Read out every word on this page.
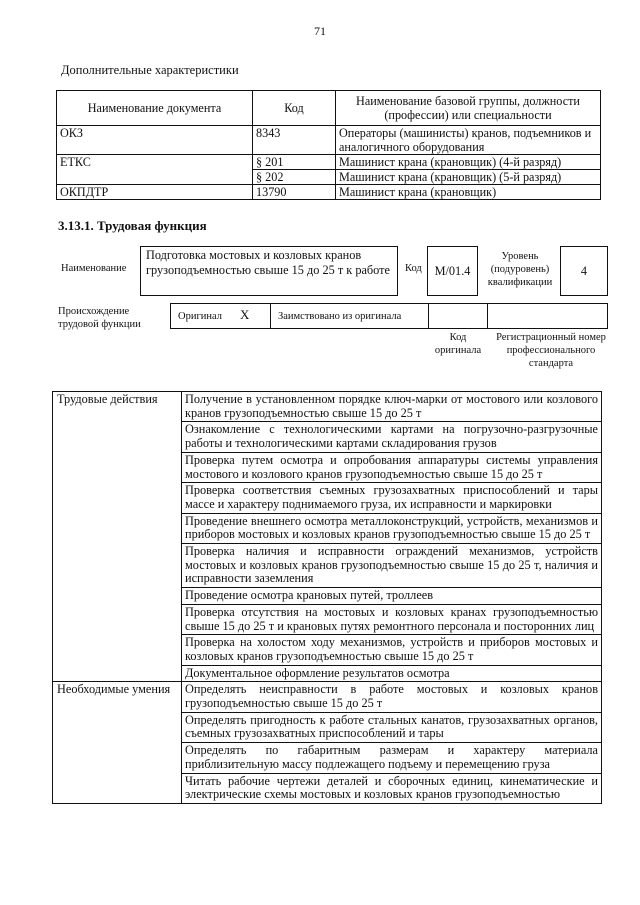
71
Дополнительные характеристики
Наименование документа	Код	Наименование базовой группы, должности (профессии) или специальности
ОКЗ	8343	Операторы (машинисты) кранов, подъемников и аналогичного оборудования
ЕТКС	§ 201	Машинист крана (крановщик) (4-й разряд)
	§ 202	Машинист крана (крановщик) (5-й разряд)
ОКПДТР	13790	Машинист крана (крановщик)
3.13.1. Трудовая функция
Наименование
Подготовка мостовых и козловых кранов грузоподъемностью свыше 15 до 25 т к работе	Код	M/01.4
Уровень (подуровень) квалификации
4
Происхождение трудовой функции
Оригинал X	Заимствовано из оригинала
Код оригинала
Регистрационный номер профессионального стандарта
Трудовые действия	Получение в установленном порядке ключ-марки от мостового или козлового кранов грузоподъемностью свыше 15 до 25 т
	Ознакомление с технологическими картами на погрузочно-разгрузочные работы и технологическими картами складирования грузов
	Проверка путем осмотра и опробования аппаратуры системы управления мостового и козлового кранов грузоподъемностью свыше 15 до 25 т
	Проверка соответствия съемных грузозахватных приспособлений и тары массе и характеру поднимаемого груза, их исправности и маркировки
	Проведение внешнего осмотра металлоконструкций, устройств, механизмов и приборов мостовых и козловых кранов грузоподъемностью свыше 15 до 25 т
	Проверка наличия и исправности ограждений механизмов, устройств мостовых и козловых кранов грузоподъемностью свыше 15 до 25 т, наличия и исправности заземления
	Проведение осмотра крановых путей, троллеев
	Проверка отсутствия на мостовых и козловых кранах грузоподъемностью свыше 15 до 25 т и крановых путях ремонтного персонала и посторонних лиц
	Проверка на холостом ходу механизмов, устройств и приборов мостовых и козловых кранов грузоподъемностью свыше 15 до 25 т
	Документальное оформление результатов осмотра
Необходимые умения	Определять неисправности в работе мостовых и козловых кранов грузоподъемностью свыше 15 до 25 т
	Определять пригодность к работе стальных канатов, грузозахватных органов, съемных грузозахватных приспособлений и тары
	Определять по габаритным размерам и характеру материала приблизительную массу подлежащего подъему и перемещению груза
	Читать рабочие чертежи деталей и сборочных единиц, кинематические и электрические схемы мостовых и козловых кранов грузоподъемностью
